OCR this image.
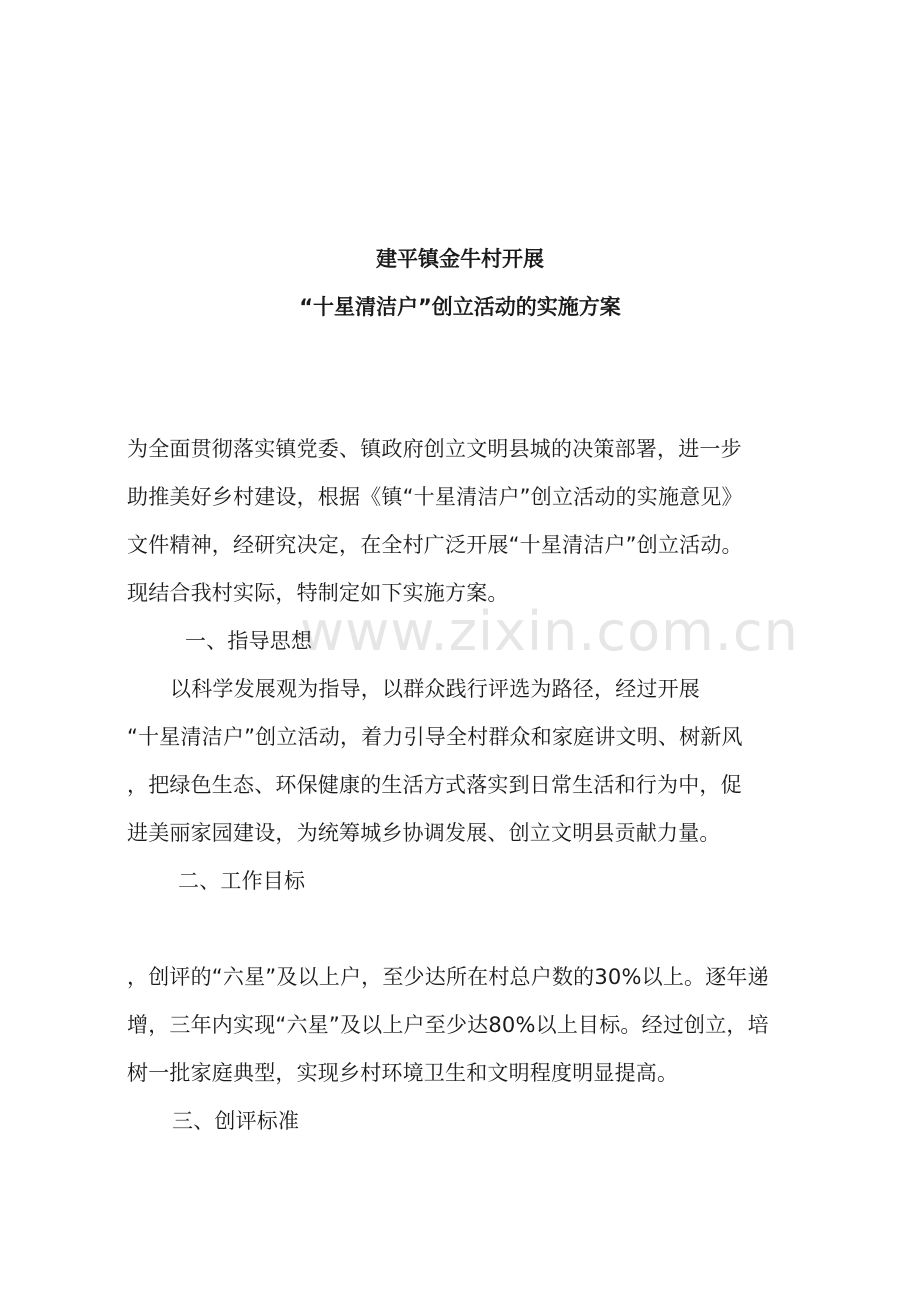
www.zixin.com.cn
建平镇金牛村开展
“十星清洁户”创立活动的实施方案
为全面贯彻落实镇党委、镇政府创立文明县城的决策部署，进一步
助推美好乡村建设，根据《镇“十星清洁户”创立活动的实施意见》
文件精神，经研究决定，在全村广泛开展“十星清洁户”创立活动。
现结合我村实际，特制定如下实施方案。
一、指导思想
以科学发展观为指导，以群众践行评选为路径，经过开展
“十星清洁户”创立活动，着力引导全村群众和家庭讲文明、树新风
，把绿色生态、环保健康的生活方式落实到日常生活和行为中，促
进美丽家园建设，为统筹城乡协调发展、创立文明县贡献力量。
二、工作目标
，创评的“六星”及以上户，至少达所在村总户数的30%以上。逐年递
增，三年内实现“六星”及以上户至少达80%以上目标。经过创立，培
树一批家庭典型，实现乡村环境卫生和文明程度明显提高。
三、创评标准
